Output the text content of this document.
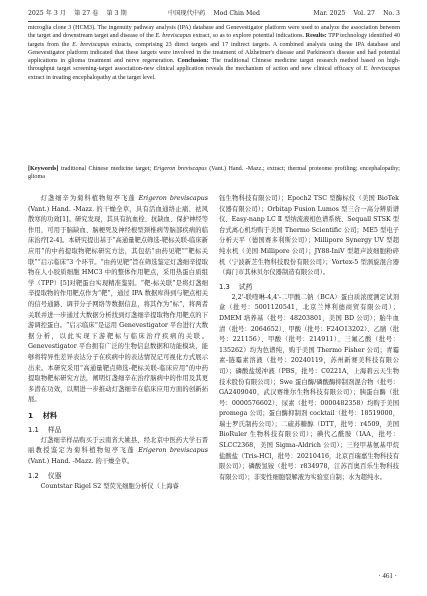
2025 年 3 月 　第 27 卷 　第 3 期	中国现代中药 　Mod Chin Med	Mar. 2025 　Vol. 27 　No. 3
microglia clone 3 (HCM3). The ingenuity pathway analysis (IPA) database and Genevestigator platform were used to analyze the association between the target and downstream target and disease of the E. breviscapus extract, so as to explore potential indications. Results: TPP technology identified 40 targets from the E. breviscapus extracts, comprising 23 direct targets and 17 indirect targets. A combined analysis using the IPA database and Genevestigator platform indicated that these targets were involved in the treatment of Alzheimer's disease and Parkinson's disease and had potential applications in glioma treatment and nerve regeneration. Conclusion: The traditional Chinese medicine target research method based on high-throughput target screening-target association-new clinical application reveals the mechanism of action and new clinical efficacy of E. breviscapus extract in treating encephalopathy at the target level.
[Keywords] traditional Chinese medicine target; Erigeron breviscapus (Vant.) Hand. -Mazz.; extract; thermal proteome profiling; encephalopathy; glioma

灯盏细辛为菊科植物短亭飞蓬 Erigeron breviscapus (Vant.) Hand. -Mazz. 的干燥全草，具有活血通络止痛、祛风散寒的功效[1]。研究发现，其具有抗血栓、抗缺血、保护神经等作用，可用于脑缺血、脑梗死及神经根型颈椎病等脑部疾病的临床治疗[2-4]。本研究提出基于“高通量靶点筛选-靶标关联-临床新应用”的中药提取物靶标研究方法，其包括“由药见靶”“靶标关联”“启示临床”3 个环节。“由药见靶”旨在筛选鉴定灯盏细辛提取物在人小胶质细胞 HMC3 中的整体作用靶点，采用热蛋白质组学（TPP）[5]对靶蛋白实现精准鉴别。“靶-标关联”是将灯盏细辛提取物的作用靶点作为“靶”，通过 IPA 数据库得到与靶点相关的信号通路、调节分子网络等数据信息，将其作为“标”，将两者关联并进一步通过大数据分析找到灯盏细辛提取物作用靶点的下游调控蛋白。“启示临床”是运用 Genevestigator 平台进行大数据分析，以此实现下游靶标与临床治疗疾病的关联。Genevestigator 平台拥有广泛的生物信息数据和功能模块，能够将特异性差异表达分子在疾病中的表达情况记可视化方式展示出来。本研究采用“高通量靶点筛选-靶标关联-临床应用”的中药提取物靶标研究方法，阐明灯盏细辛在治疗脑病中的作用及其更多潜在功效，以期进一步推动灯盏细辛在临床应用方面的创新拓展。

1 　材料
1.1 　样品

灯盏细辛样品购买于云南省大姚县，经北京中医药大学石晋丽教授鉴定为菊科植物短亭飞蓬 Erigeron breviscapus (Vant.) Hand. -Mazz. 的干燥全草。

1.2 　仪器

Countstar Rigel S2 型荧光细胞分析仪（上海睿

钰生物科技有限公司）；Epoch2 TSC 型酶标仪（美国 BioTek 仪器有限公司）；Orbitap Fusion Lumos 型三合一高分辨质谱仪、Easy-nanp LC Ⅱ 型纳流液相色谱系统、Sequall STSK 型台式离心机均购于美国 Thermo Scientific 公司；ME5 型电子分析天平（德国赛多利斯公司）；Millipore Synergy UV 型超纯水机（美国 Millipore 公司）；JY88-IniV 型超声波细胞粉碎机（宁波新芝生物科技股份有限公司）；Vortex-5 型涡旋混合器（海门市其林贝尔仪器制造有限公司）。

1.3 　试药

2,2'-联喹啉-4,4'-二甲酸二钠（BCA）蛋白质浓度测定试剂盒（批号：5001120541，北京兰博利德商贸有限公司）；DMEM 培养基（批号：48203801，美国 BD 公司）；胎牛血清（批号：2064652）、甲酸（批号：F24O13202）、乙腈（批号：221156）、甲酸（批号：214911）、三氟乙酸（批号：135262）均为色谱纯，购于美国 Thermo Fisher 公司；青霉素-链霉素溶液（批号：20240119，苏州新赛美科技有限公司）；磷酸盐缓冲液（PBS，批号：C0221A，上海碧云天生物技术股份有限公司）；Swe 蛋白酶/磷酸酶抑制剂混合物（批号：GA2409040，武汉赛维尔生物科技有限公司）；胰蛋白酶（批号：0000576602）、尿素（批号：0000482358）均购于美国 promega 公司；蛋白酶抑制剂 cocktail（批号：18519000，瑞士罗氏制药公司）；二硫苏糖醇（DTT，批号：r4509，美国 BioRuler 生物科技有限公司）；碘代乙酰胺（IAA，批号：SLCC2368，美国 Sigma-Aldrich 公司）；三羟甲基氨基甲烷盐酸盐（Tris-HCl，批号：20210416，北京百瑞嘉生物科技有限公司）；磷酸氢铵（批号：r834978，江苏百奥百乐生物科技有限公司）；非变性细胞裂解液为实验室自制；水为超纯水。

· 461 ·
